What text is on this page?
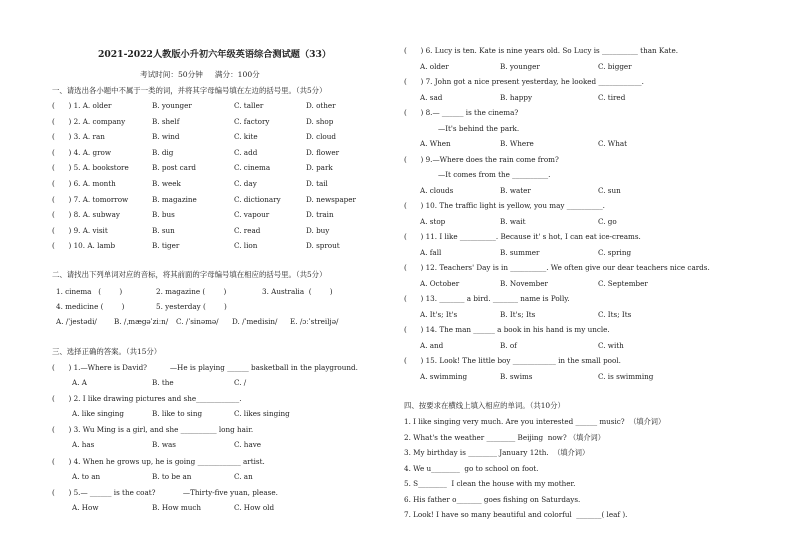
2021-2022人教版小升初六年级英语综合测试题（33）
考试时间：50分钟     满分：100分
一、请选出各小题中不属于一类的词，并将其字母编号填在左边的括号里。（共5分）
(      ) 1. A. older	B. younger	C. taller	D. other
(      ) 2. A. company	B. shelf	C. factory	D. shop
(      ) 3. A. ran	B. wind	C. kite	D. cloud
(      ) 4. A. grow	B. dig	C. add	D. flower
(      ) 5. A. bookstore	B. post card	C. cinema	D. park
(      ) 6. A. month	B. week	C. day	D. tail
(      ) 7. A. tomorrow	B. magazine	C. dictionary	D. newspaper
(      ) 8. A. subway	B. bus	C. vapour	D. train
(      ) 9. A. visit	B. sun	C. read	D. buy
(      ) 10. A. lamb	B. tiger	C. lion	D. sprout
二、请找出下列单词对应的音标，将其前面的字母编号填在相应的括号里。（共5分）
1. cinema   (        )	2. magazine (        )	3. Australia  (        )
4. medicine (        )	5. yesterday (        )
A. /ˈjestədi/ B. /ˌmægəˈziːn/ C. /ˈsinəmə/ D. /ˈmedisin/ E. /ɔːˈstreiljə/
三、选择正确的答案。（共15分）
(      ) 1.—Where is David?          —He is playing ______ basketball in the playground.
A. A	B. the	C. /
(      ) 2. I like drawing pictures and she____________.
A. like singing	B. like to sing	C. likes singing
(      ) 3. Wu Ming is a girl, and she __________ long hair.
A. has	B. was	C. have
(      ) 4. When he grows up, he is going ____________ artist.
A. to an	B. to be an	C. an
(      ) 5.— ______ is the coat?            —Thirty-five yuan, please.
A. How	B. How much	C. How old
(      ) 6. Lucy is ten. Kate is nine years old. So Lucy is __________ than Kate.
A. older	B. younger	C. bigger
(      ) 7. John got a nice present yesterday, he looked ____________.
A. sad	B. happy	C. tired
(      ) 8.— ______ is the cinema?
—It's behind the park.
A. When	B. Where	C. What
(      ) 9.—Where does the rain come from?
—It comes from the __________.
A. clouds	B. water	C. sun
(      ) 10. The traffic light is yellow, you may __________.
A. stop	B. wait	C. go
(      ) 11. I like __________. Because it' s hot, I can eat ice-creams.
A. fall	B. summer	C. spring
(      ) 12. Teachers' Day is in __________. We often give our dear teachers nice cards.
A. October	B. November	C. September
(      ) 13. _______ a bird. _______ name is Polly.
A. It's; It's	B. It's; Its	C. Its; Its
(      ) 14. The man ______ a book in his hand is my uncle.
A. and	B. of	C. with
(      ) 15. Look! The little boy ____________ in the small pool.
A. swimming	B. swims	C. is swimming
四、按要求在横线上填入相应的单词。（共10分）
1. I like singing very much. Are you interested ______ music?  （填介词）
2. What's the weather ________ Beijing  now? （填介词）
3. My birthday is ________ January 12th.  （填介词）
4. We u________  go to school on foot.
5. S________  I clean the house with my mother.
6. His father o_______ goes fishing on Saturdays.
7. Look! I have so many beautiful and colorful  _______( leaf ).
